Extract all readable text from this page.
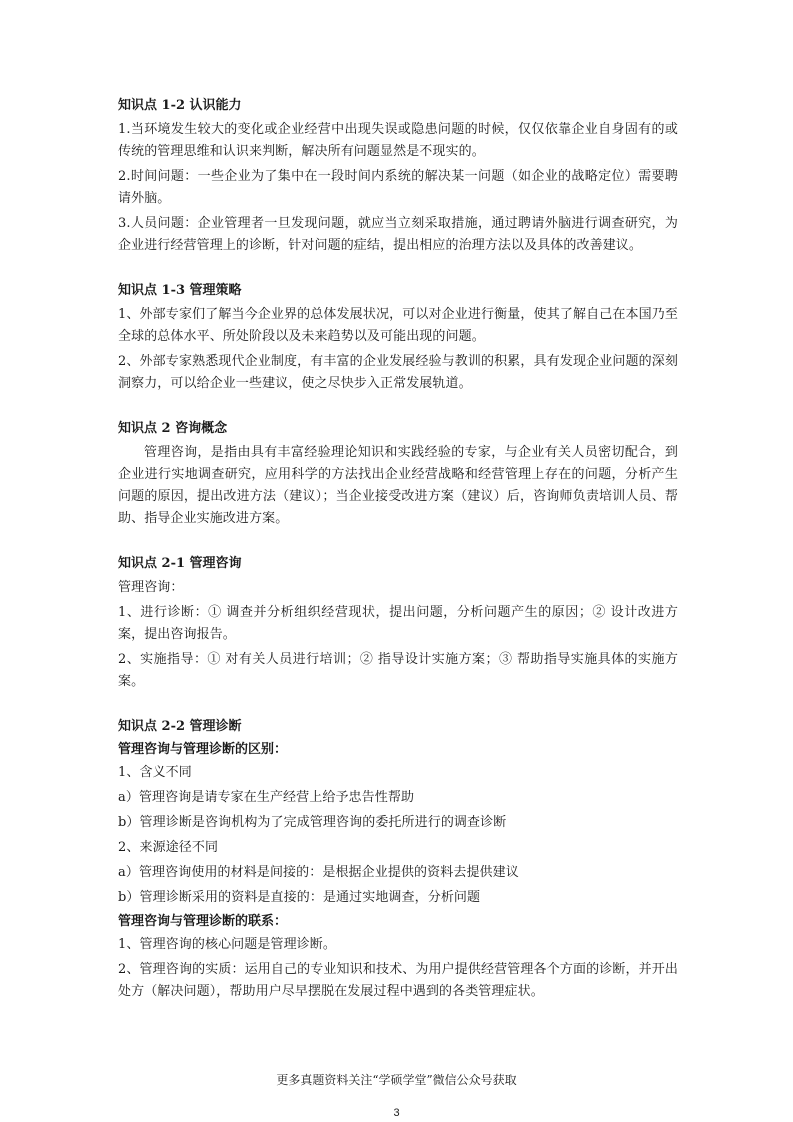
知识点 1-2 认识能力

1.当环境发生较大的变化或企业经营中出现失误或隐患问题的时候，仅仅依靠企业自身固有的或传统的管理思维和认识来判断，解决所有问题显然是不现实的。

2.时间问题：一些企业为了集中在一段时间内系统的解决某一问题（如企业的战略定位）需要聘请外脑。

3.人员问题：企业管理者一旦发现问题，就应当立刻采取措施，通过聘请外脑进行调查研究，为企业进行经营管理上的诊断，针对问题的症结，提出相应的治理方法以及具体的改善建议。

知识点 1-3 管理策略

1、外部专家们了解当今企业界的总体发展状况，可以对企业进行衡量，使其了解自己在本国乃至全球的总体水平、所处阶段以及未来趋势以及可能出现的问题。

2、外部专家熟悉现代企业制度，有丰富的企业发展经验与教训的积累，具有发现企业问题的深刻洞察力，可以给企业一些建议，使之尽快步入正常发展轨道。

知识点 2 咨询概念

管理咨询，是指由具有丰富经验理论知识和实践经验的专家，与企业有关人员密切配合，到企业进行实地调查研究，应用科学的方法找出企业经营战略和经营管理上存在的问题，分析产生问题的原因，提出改进方法（建议）；当企业接受改进方案（建议）后，咨询师负责培训人员、帮助、指导企业实施改进方案。

知识点 2-1 管理咨询

管理咨询：

1、进行诊断：① 调查并分析组织经营现状，提出问题，分析问题产生的原因；② 设计改进方案，提出咨询报告。

2、实施指导：① 对有关人员进行培训；② 指导设计实施方案；③ 帮助指导实施具体的实施方案。

知识点 2-2 管理诊断
管理咨询与管理诊断的区别：

1、含义不同

a）管理咨询是请专家在生产经营上给予忠告性帮助

b）管理诊断是咨询机构为了完成管理咨询的委托所进行的调查诊断

2、来源途径不同

a）管理咨询使用的材料是间接的：是根据企业提供的资料去提供建议

b）管理诊断采用的资料是直接的：是通过实地调查，分析问题

管理咨询与管理诊断的联系：

1、管理咨询的核心问题是管理诊断。

2、管理咨询的实质：运用自己的专业知识和技术、为用户提供经营管理各个方面的诊断，并开出处方（解决问题），帮助用户尽早摆脱在发展过程中遇到的各类管理症状。

更多真题资料关注“学硕学堂”微信公众号获取
3
